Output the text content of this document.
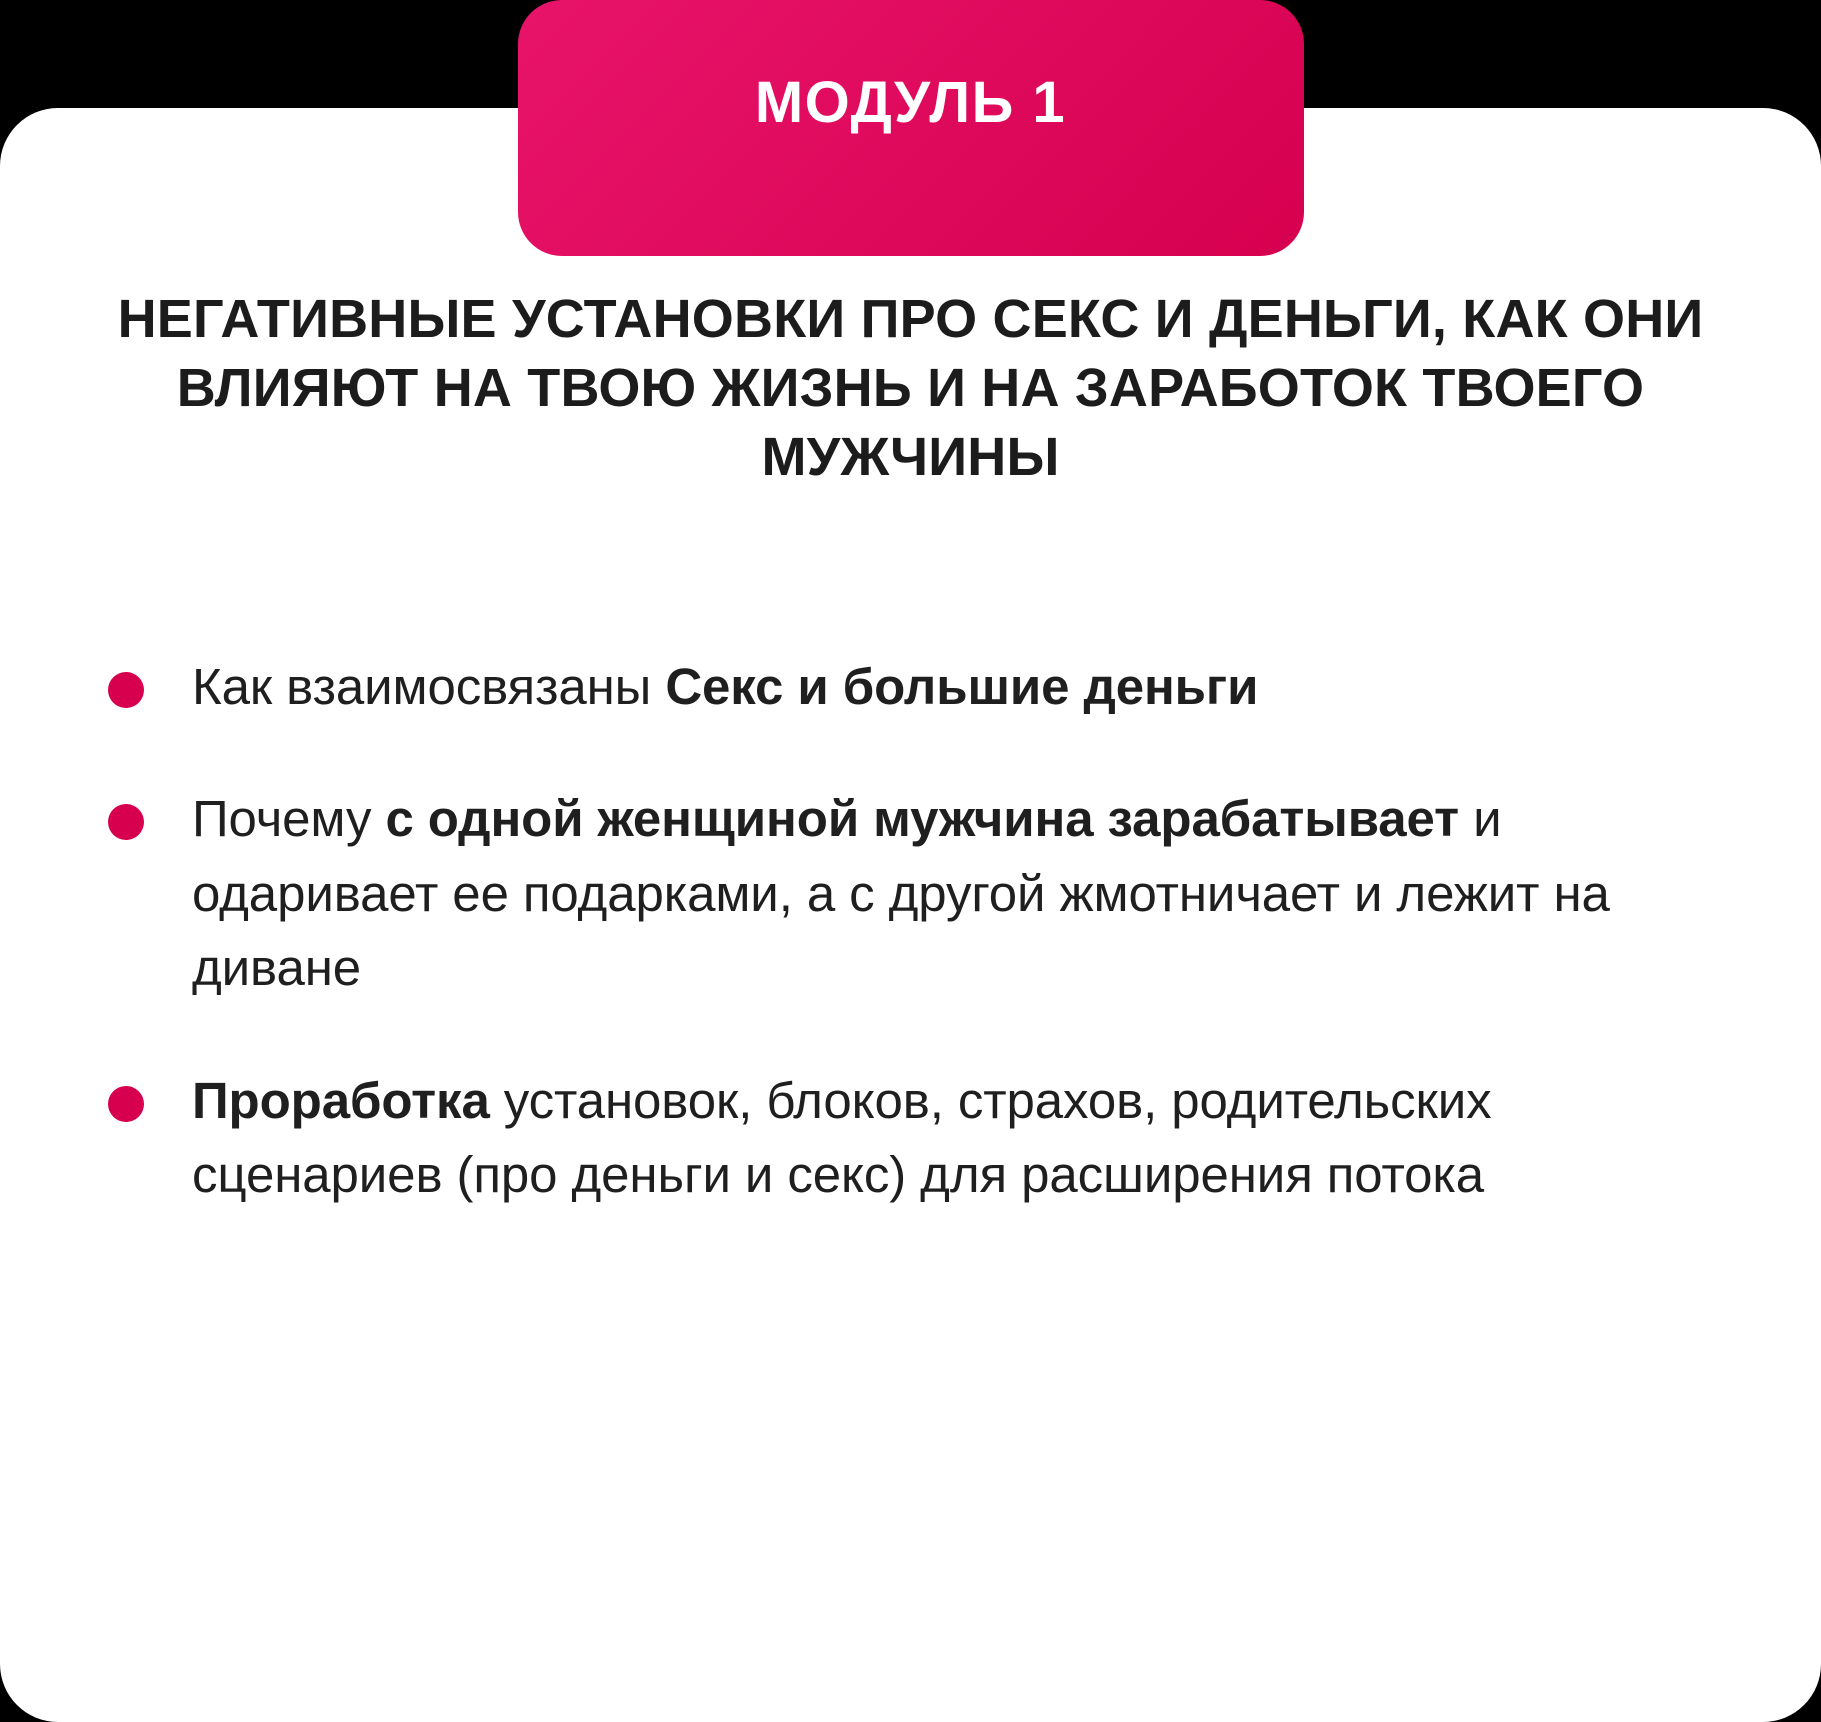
МОДУЛЬ 1
НЕГАТИВНЫЕ УСТАНОВКИ ПРО СЕКС И ДЕНЬГИ, КАК ОНИ ВЛИЯЮТ НА ТВОЮ ЖИЗНЬ И НА ЗАРАБОТОК ТВОЕГО МУЖЧИНЫ
Как взаимосвязаны Секс и большие деньги
Почему с одной женщиной мужчина зарабатывает и одаривает ее подарками, а с другой жмотничает и лежит на диване
Проработка установок, блоков, страхов, родительских сценариев (про деньги и секс) для расширения потока
